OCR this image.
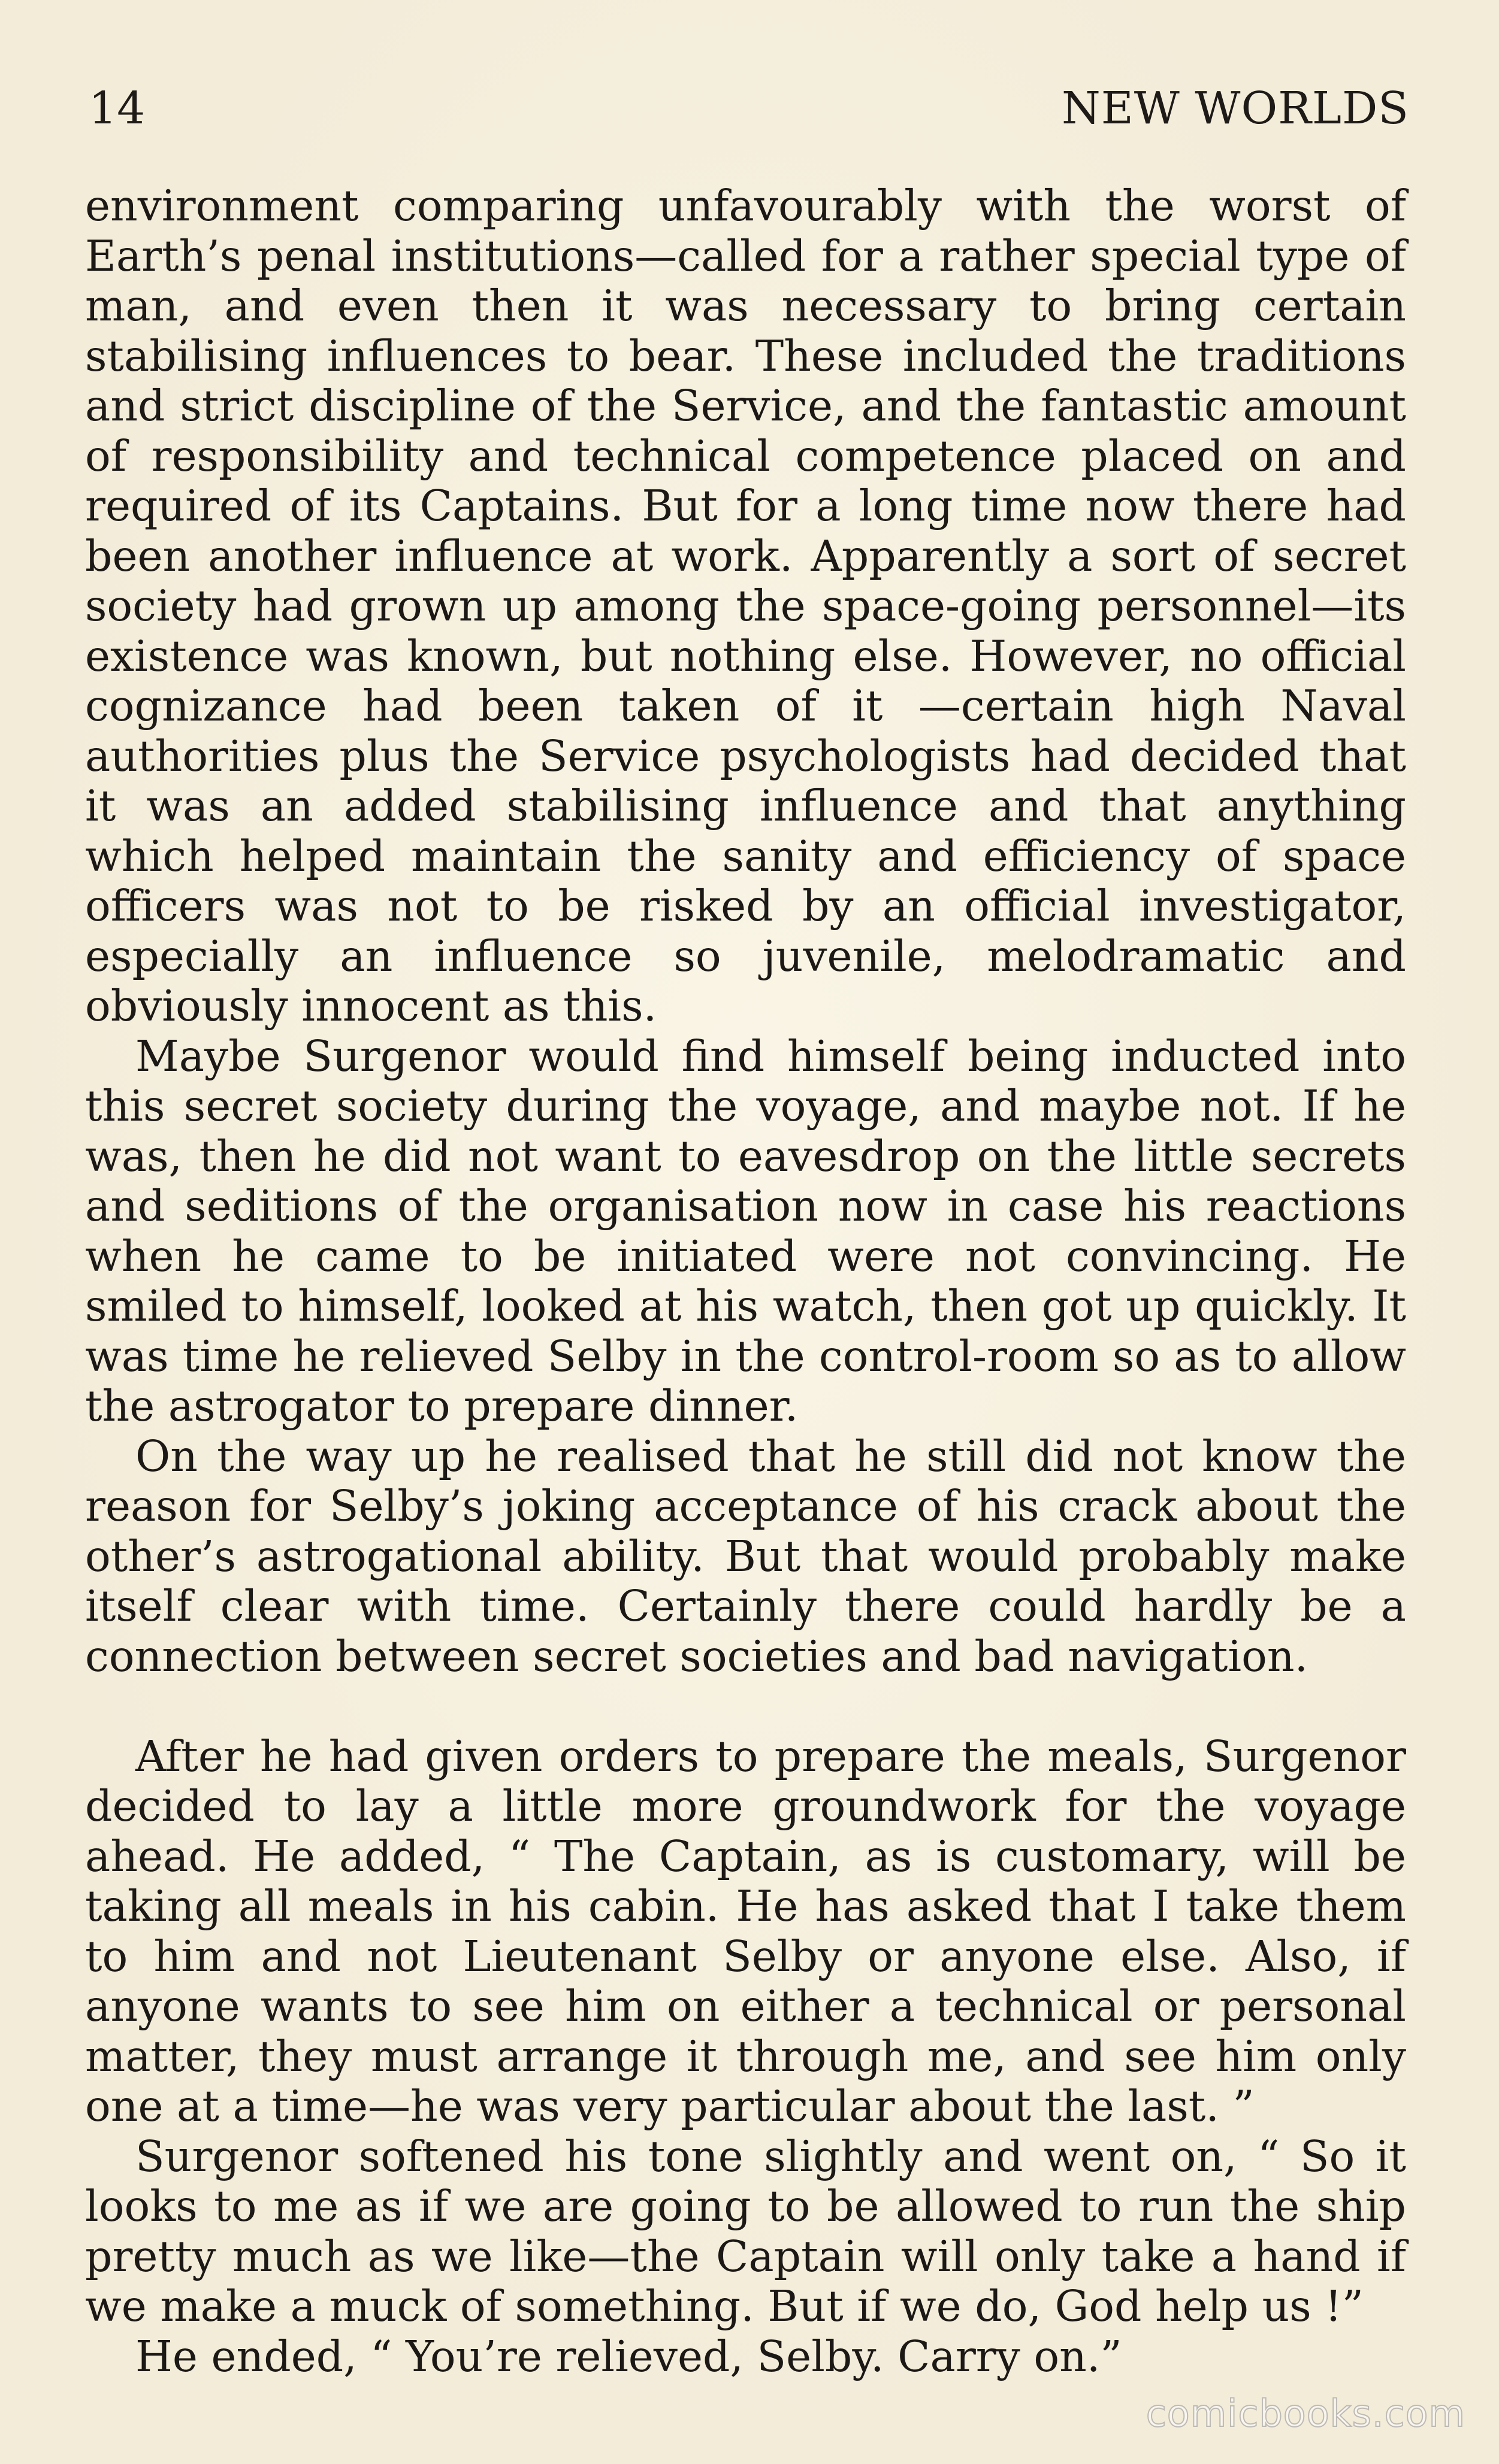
14	NEW WORLDS

environment comparing unfavourably with the worst of Earth’s penal institutions—called for a rather special type of man, and even then it was necessary to bring certain stabilising influences to bear. These included the traditions and strict discipline of the Service, and the fantastic amount of responsibility and technical competence placed on and required of its Captains. But for a long time now there had been another influence at work. Apparently a sort of secret society had grown up among the space-going personnel—its existence was known, but nothing else. However, no official cognizance had been taken of it —certain high Naval authorities plus the Service psychologists had decided that it was an added stabilising influence and that anything which helped maintain the sanity and efficiency of space officers was not to be risked by an official investigator, especially an influence so juvenile, melodramatic and obviously innocent as this.

Maybe Surgenor would find himself being inducted into this secret society during the voyage, and maybe not. If he was, then he did not want to eavesdrop on the little secrets and seditions of the organisation now in case his reactions when he came to be initiated were not convincing. He smiled to himself, looked at his watch, then got up quickly. It was time he relieved Selby in the control-room so as to allow the astrogator to prepare dinner.

On the way up he realised that he still did not know the reason for Selby’s joking acceptance of his crack about the other’s astrogational ability. But that would probably make itself clear with time. Certainly there could hardly be a connection between secret societies and bad navigation.

After he had given orders to prepare the meals, Surgenor decided to lay a little more groundwork for the voyage ahead. He added, “ The Captain, as is customary, will be taking all meals in his cabin. He has asked that I take them to him and not Lieutenant Selby or anyone else. Also, if anyone wants to see him on either a technical or personal matter, they must arrange it through me, and see him only one at a time—he was very particular about the last. ”

Surgenor softened his tone slightly and went on, “ So it looks to me as if we are going to be allowed to run the ship pretty much as we like—the Captain will only take a hand if we make a muck of something. But if we do, God help us !”

He ended, “ You’re relieved, Selby. Carry on.”

comicbooks.com
